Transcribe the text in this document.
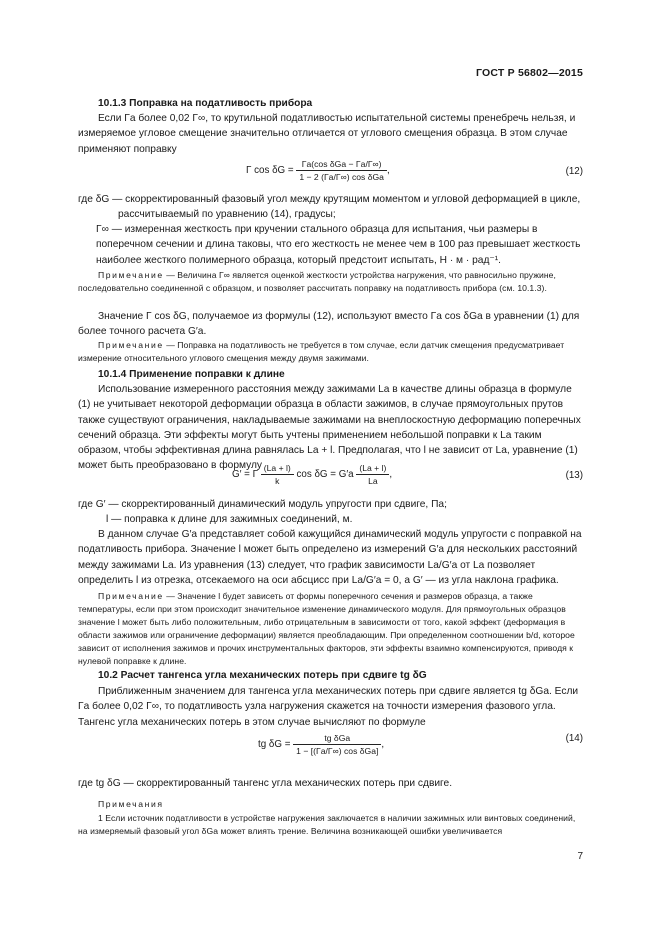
ГОСТ Р 56802—2015
10.1.3 Поправка на податливость прибора
Если Γa более 0,02 Γ∞, то крутильной податливостью испытательной системы пренебречь нельзя, и измеряемое угловое смещение значительно отличается от углового смещения образца. В этом случае применяют поправку
Γ $\cos \delta G = \frac{\text{Γa(cos δGa − Γa/Γ∞)}}{\text{1 − 2 (Γa/Γ∞) cos δGa}}$ ,	(12)
где δG — скорректированный фазовый угол между крутящим моментом и угловой деформацией в цикле, рассчитываемый по уравнению (14), градусы;
Γ∞ — измеренная жесткость при кручении стального образца для испытания, чьи размеры в поперечном сечении и длина таковы, что его жесткость не менее чем в 100 раз превышает жесткость наиболее жесткого полимерного образца, который предстоит испытать, Н · м · рад⁻¹.
Примечание — Величина Γ∞ является оценкой жесткости устройства нагружения, что равносильно пружине, последовательно соединенной с образцом, и позволяет рассчитать поправку на податливость прибора (см. 10.1.3).
Значение Γ cos δG, получаемое из формулы (12), используют вместо Γa cos δGa в уравнении (1) для более точного расчета G′a.
Примечание — Поправка на податливость не требуется в том случае, если датчик смещения предусматривает измерение относительного углового смещения между двумя зажимами.
10.1.4 Применение поправки к длине
Использование измеренного расстояния между зажимами La в качестве длины образца в формуле (1) не учитывает некоторой деформации образца в области зажимов, в случае прямоугольных прутов также существуют ограничения, накладываемые зажимами на внеплоскостную деформацию поперечных сечений образца. Эти эффекты могут быть учтены применением небольшой поправки к La таким образом, чтобы эффективная длина равнялась La + l. Предполагая, что l не зависит от La, уравнение (1) может быть преобразовано в формулу
G′ = Γ $\frac{(La + l)}{k}$ $\cos \delta G = G'a \frac{(La + l)}{La}$ ,	(13)
где G′ — скорректированный динамический модуль упругости при сдвиге, Па;
l — поправка к длине для зажимных соединений, м.
В данном случае G′a представляет собой кажущийся динамический модуль упругости с поправкой на податливость прибора. Значение l может быть определено из измерений G′a для нескольких расстояний между зажимами La. Из уравнения (13) следует, что график зависимости La/G′a от La позволяет определить l из отрезка, отсекаемого на оси абсцисс при La/G′a = 0, а G′ — из угла наклона графика.
Примечание — Значение l будет зависеть от формы поперечного сечения и размеров образца, а также температуры, если при этом происходит значительное изменение динамического модуля. Для прямоугольных образцов значение l может быть либо положительным, либо отрицательным в зависимости от того, какой эффект (деформация в области зажимов или ограничение деформации) является преобладающим. При определенном соотношении b/d, которое зависит от исполнения зажимов и прочих инструментальных факторов, эти эффекты взаимно компенсируются, приводя к нулевой поправке к длине.
10.2 Расчет тангенса угла механических потерь при сдвиге tg δG
Приближенным значением для тангенса угла механических потерь при сдвиге является tg δGa. Если Γa более 0,02 Γ∞, то податливость узла нагружения скажется на точности измерения фазового угла. Тангенс угла механических потерь в этом случае вычисляют по формуле
tg $\delta G = \frac{\text{tg δGa}}{\text{1 − [(Γa/Γ∞) cos δGa]}}$ ,
(14)
где tg δG — скорректированный тангенс угла механических потерь при сдвиге.
Примечания
1 Если источник податливости в устройстве нагружения заключается в наличии зажимных или винтовых соединений, на измеряемый фазовый угол δGa может влиять трение. Величина возникающей ошибки увеличивается
7
